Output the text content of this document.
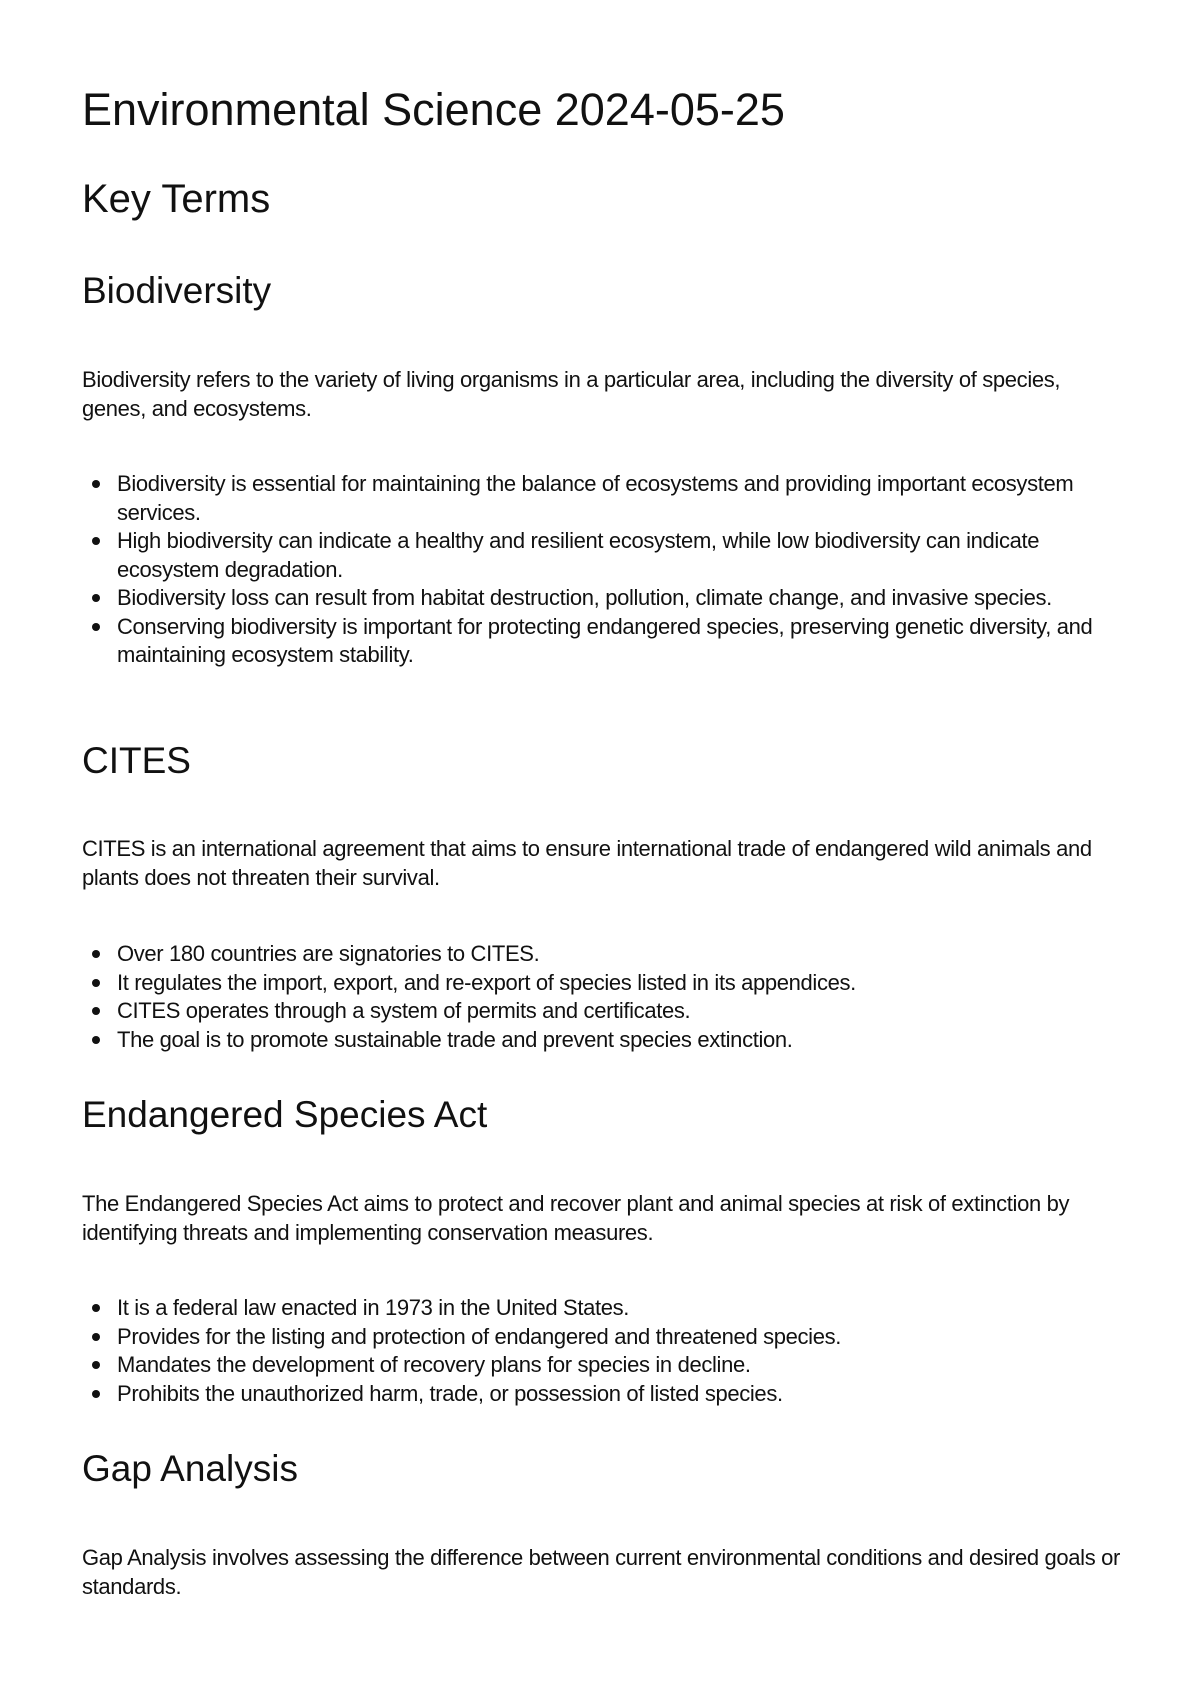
Environmental Science 2024-05-25
Key Terms
Biodiversity

Biodiversity refers to the variety of living organisms in a particular area, including the diversity of species, genes, and ecosystems.

Biodiversity is essential for maintaining the balance of ecosystems and providing important ecosystem services.
High biodiversity can indicate a healthy and resilient ecosystem, while low biodiversity can indicate ecosystem degradation.
Biodiversity loss can result from habitat destruction, pollution, climate change, and invasive species.
Conserving biodiversity is important for protecting endangered species, preserving genetic diversity, and maintaining ecosystem stability.
CITES

CITES is an international agreement that aims to ensure international trade of endangered wild animals and plants does not threaten their survival.

Over 180 countries are signatories to CITES.
It regulates the import, export, and re-export of species listed in its appendices.
CITES operates through a system of permits and certificates.
The goal is to promote sustainable trade and prevent species extinction.
Endangered Species Act

The Endangered Species Act aims to protect and recover plant and animal species at risk of extinction by identifying threats and implementing conservation measures.

It is a federal law enacted in 1973 in the United States.
Provides for the listing and protection of endangered and threatened species.
Mandates the development of recovery plans for species in decline.
Prohibits the unauthorized harm, trade, or possession of listed species.
Gap Analysis

Gap Analysis involves assessing the difference between current environmental conditions and desired goals or standards.
